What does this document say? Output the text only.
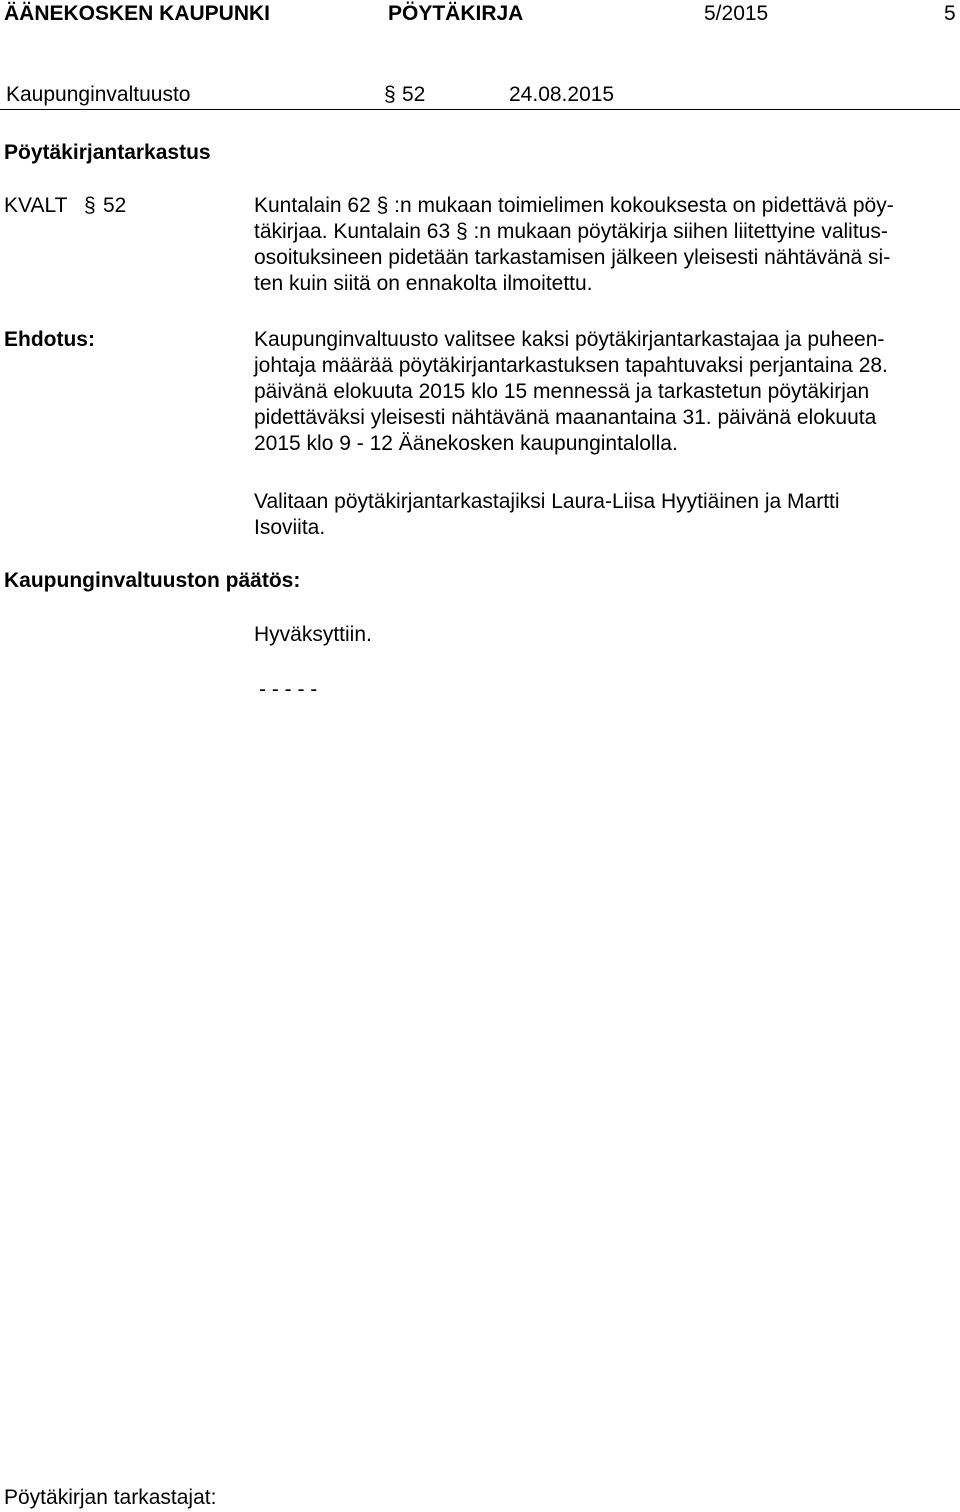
ÄÄNEKOSKEN KAUPUNKI	PÖYTÄKIRJA	5/2015	5
Kaupunginvaltuusto	§ 52	24.08.2015
Pöytäkirjantarkastus
KVALT § 52	Kuntalain 62 § :n mukaan toimielimen kokouksesta on pidettävä pöy-
täkirjaa. Kuntalain 63 § :n mukaan pöytäkirja siihen liitettyine valitus-
osoituksineen pidetään tarkastamisen jälkeen yleisesti nähtävänä si-
ten kuin siitä on ennakolta ilmoitettu.
Ehdotus:	Kaupunginvaltuusto valitsee kaksi pöytäkirjantarkastajaa ja puheen-
johtaja määrää pöytäkirjantarkastuksen tapahtuvaksi perjantaina 28.
päivänä elokuuta 2015 klo 15 mennessä ja tarkastetun pöytäkirjan
pidettäväksi yleisesti nähtävänä maanantaina 31. päivänä elokuuta
2015 klo 9 - 12 Äänekosken kaupungintalolla.
Valitaan pöytäkirjantarkastajiksi Laura-Liisa Hyytiäinen ja Martti
Isoviita.
Kaupunginvaltuuston päätös:
Hyväksyttiin.
- - - - -
Pöytäkirjan tarkastajat:
